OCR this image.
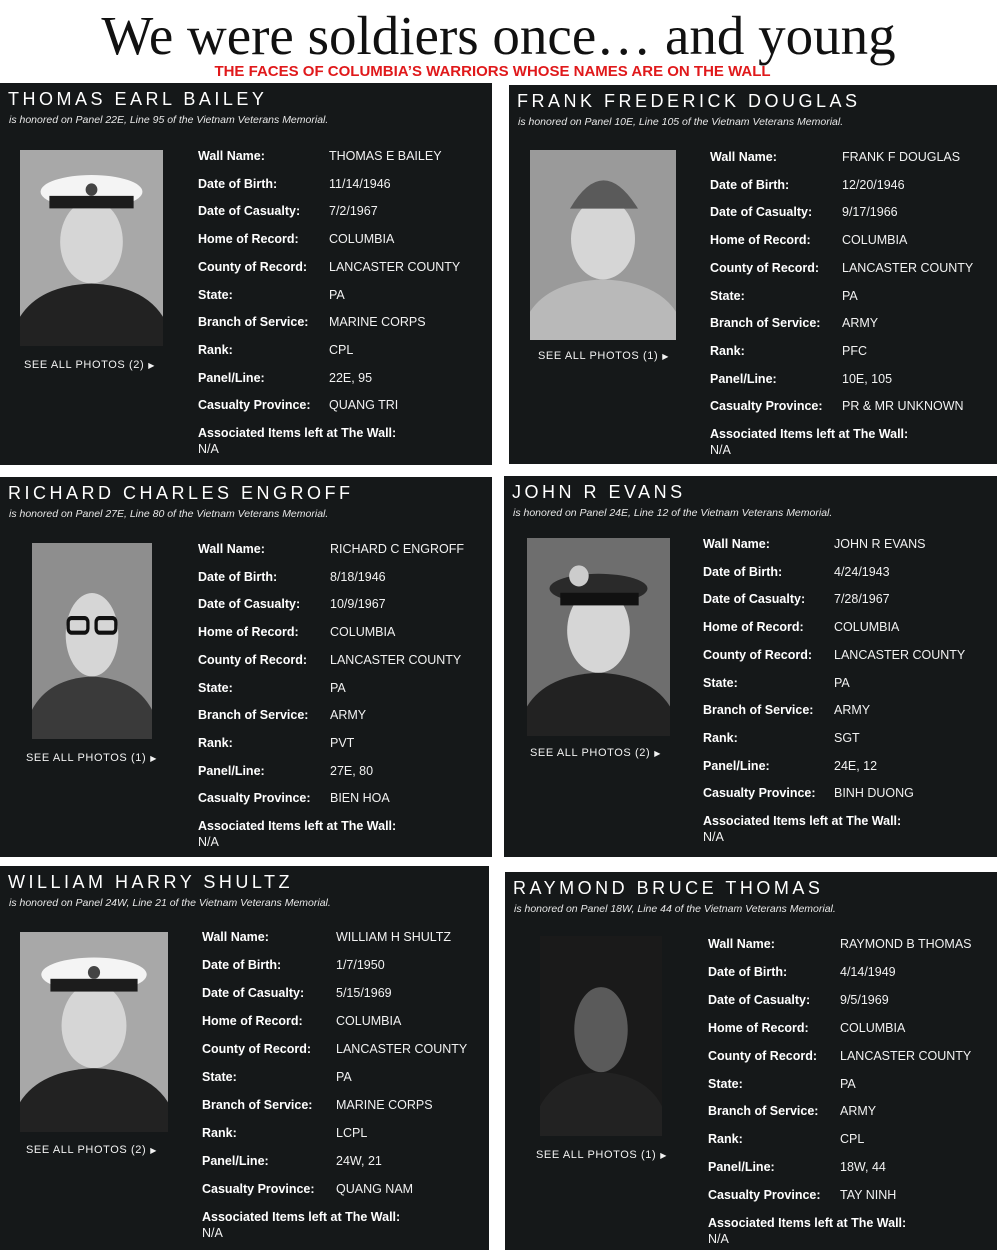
We were soldiers once… and young
THE FACES OF COLUMBIA’S WARRIORS WHOSE NAMES ARE ON THE WALL
THOMAS EARL BAILEY
is honored on Panel 22E, Line 95 of the Vietnam Veterans Memorial.
SEE ALL PHOTOS (2) ▶
Wall Name:	THOMAS E BAILEY
Date of Birth:	11/14/1946
Date of Casualty: 7/2/1967
Home of Record: COLUMBIA
County of Record: LANCASTER COUNTY
State:	PA
Branch of Service: MARINE CORPS
Rank:	CPL
Panel/Line:	22E, 95
Casualty Province: QUANG TRI
Associated Items left at The Wall:
N/A
FRANK FREDERICK DOUGLAS
is honored on Panel 10E, Line 105 of the Vietnam Veterans Memorial.
SEE ALL PHOTOS (1) ▶
Wall Name:	FRANK F DOUGLAS
Date of Birth:	12/20/1946
Date of Casualty: 9/17/1966
Home of Record:	COLUMBIA
County of Record: LANCASTER COUNTY
State:	PA
Branch of Service: ARMY
Rank:	PFC
Panel/Line:	10E, 105
Casualty Province: PR & MR UNKNOWN
Associated Items left at The Wall:
N/A
RICHARD CHARLES ENGROFF
is honored on Panel 27E, Line 80 of the Vietnam Veterans Memorial.
SEE ALL PHOTOS (1) ▶
Wall Name:	RICHARD C ENGROFF
Date of Birth:	8/18/1946
Date of Casualty: 10/9/1967
Home of Record:	COLUMBIA
County of Record: LANCASTER COUNTY
State:	PA
Branch of Service: ARMY
Rank:	PVT
Panel/Line:	27E, 80
Casualty Province: BIEN HOA
Associated Items left at The Wall:
N/A
JOHN R EVANS
is honored on Panel 24E, Line 12 of the Vietnam Veterans Memorial.
SEE ALL PHOTOS (2) ▶
Wall Name:	JOHN R EVANS
Date of Birth:	4/24/1943
Date of Casualty: 7/28/1967
Home of Record: COLUMBIA
County of Record: LANCASTER COUNTY
State:	PA
Branch of Service: ARMY
Rank:	SGT
Panel/Line:	24E, 12
Casualty Province: BINH DUONG
Associated Items left at The Wall:
N/A
WILLIAM HARRY SHULTZ
is honored on Panel 24W, Line 21 of the Vietnam Veterans Memorial.
SEE ALL PHOTOS (2) ▶
Wall Name:	WILLIAM H SHULTZ
Date of Birth:	1/7/1950
Date of Casualty:	5/15/1969
Home of Record:	COLUMBIA
County of Record: LANCASTER COUNTY
State:	PA
Branch of Service: MARINE CORPS
Rank:	LCPL
Panel/Line:	24W, 21
Casualty Province: QUANG NAM
Associated Items left at The Wall:
N/A
RAYMOND BRUCE THOMAS
is honored on Panel 18W, Line 44 of the Vietnam Veterans Memorial.
SEE ALL PHOTOS (1) ▶
Wall Name:	RAYMOND B THOMAS
Date of Birth:	4/14/1949
Date of Casualty: 9/5/1969
Home of Record:	COLUMBIA
County of Record: LANCASTER COUNTY
State:	PA
Branch of Service: ARMY
Rank:	CPL
Panel/Line:	18W, 44
Casualty Province: TAY NINH
Associated Items left at The Wall:
N/A
